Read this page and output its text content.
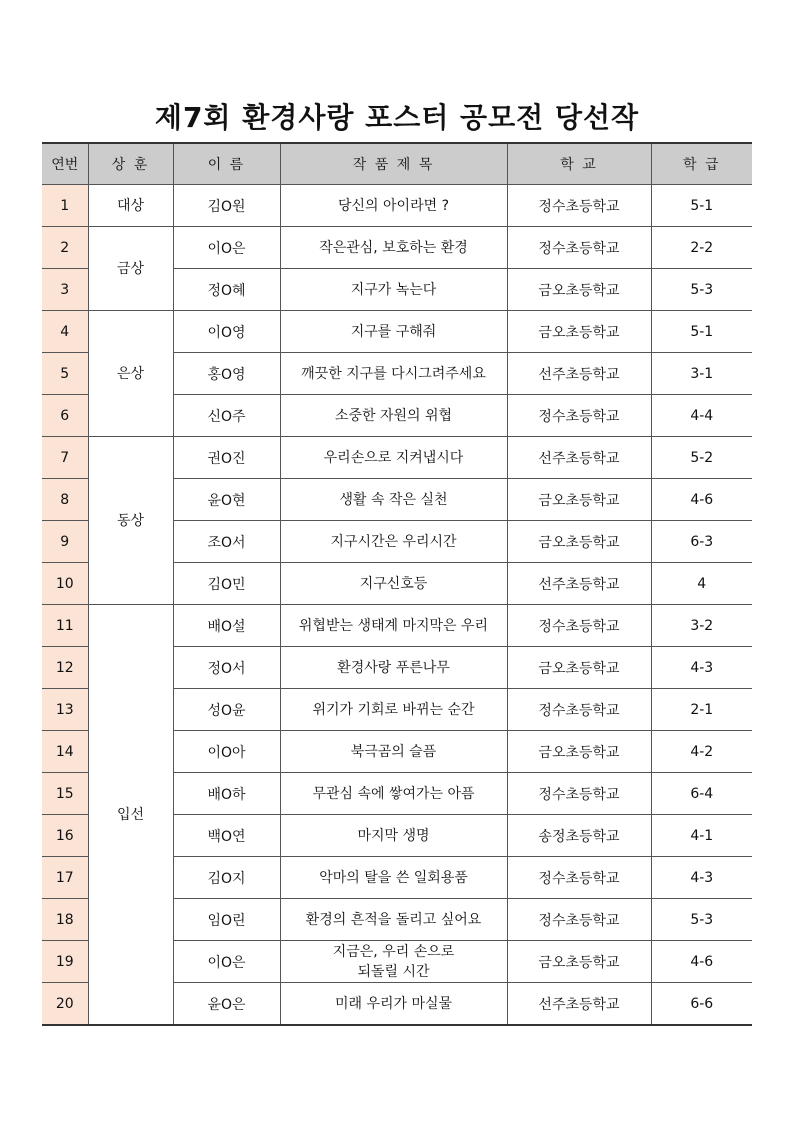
제7회 환경사랑 포스터 공모전 당선작
연번	상 훈	이 름	작 품 제 목	학 교	학 급
1	대상	김O원	당신의 아이라면 ?	정수초등학교	5-1
2	금상	이O은	작은관심, 보호하는 환경	정수초등학교	2-2
3		정O혜	지구가 녹는다	금오초등학교	5-3
4	은상	이O영	지구를 구해줘	금오초등학교	5-1
5		홍O영	깨끗한 지구를 다시그려주세요	선주초등학교	3-1
6		신O주	소중한 자원의 위협	정수초등학교	4-4
7	동상	권O진	우리손으로 지켜냅시다	선주초등학교	5-2
8		윤O현	생활 속 작은 실천	금오초등학교	4-6
9		조O서	지구시간은 우리시간	금오초등학교	6-3
10		김O민	지구신호등	선주초등학교	4
11	입선	배O설	위협받는 생태계 마지막은 우리	정수초등학교	3-2
12		정O서	환경사랑 푸른나무	금오초등학교	4-3
13		성O윤	위기가 기회로 바뀌는 순간	정수초등학교	2-1
14		이O아	북극곰의 슬픔	금오초등학교	4-2
15		배O하	무관심 속에 쌓여가는 아픔	정수초등학교	6-4
16		백O연	마지막 생명	송정초등학교	4-1
17		김O지	악마의 탈을 쓴 일회용품	정수초등학교	4-3
18		임O린	환경의 흔적을 돌리고 싶어요	정수초등학교	5-3
19		이O은	지금은, 우리 손으로
되돌릴 시간	금오초등학교	4-6
20		윤O은	미래 우리가 마실물	선주초등학교	6-6
